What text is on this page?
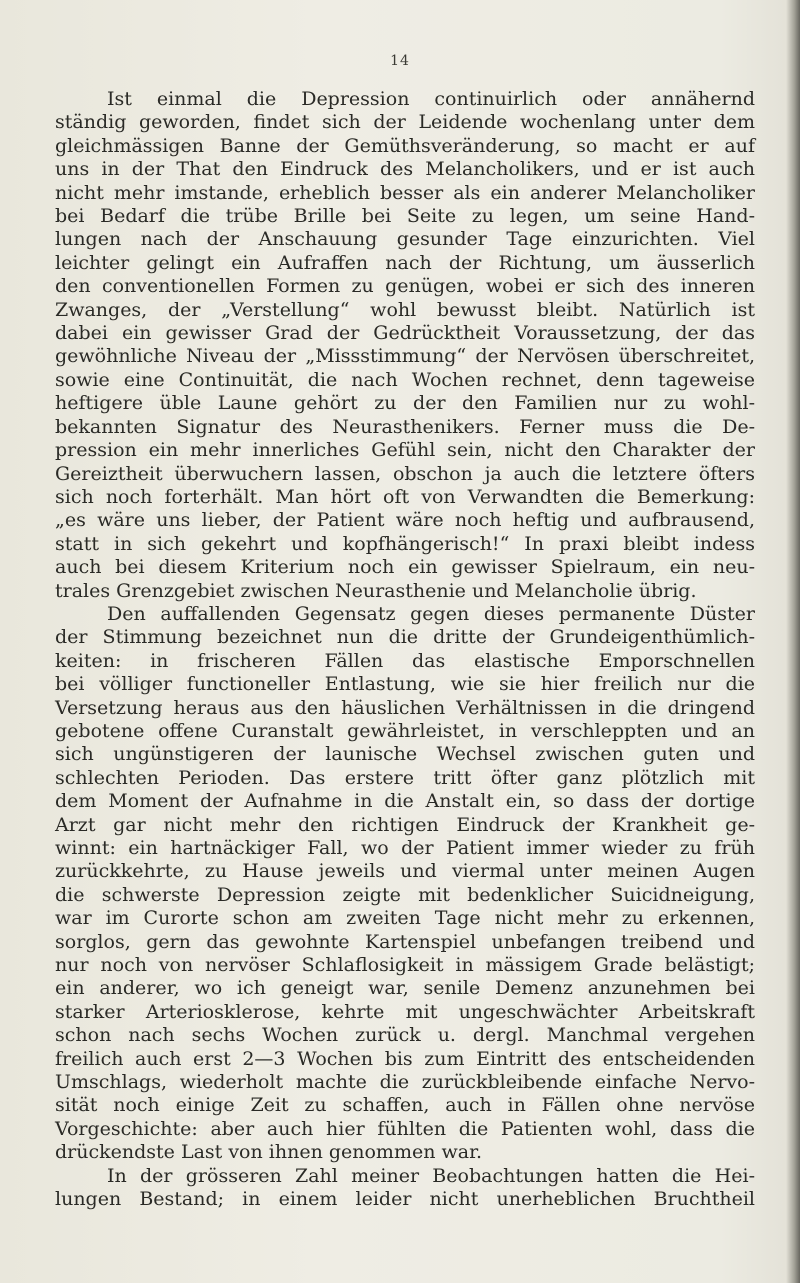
14
Ist einmal die Depression continuirlich oder annähernd
ständig geworden, findet sich der Leidende wochenlang unter dem
gleichmässigen Banne der Gemüthsveränderung, so macht er auf
uns in der That den Eindruck des Melancholikers, und er ist auch
nicht mehr imstande, erheblich besser als ein anderer Melancholiker
bei Bedarf die trübe Brille bei Seite zu legen, um seine Hand-
lungen nach der Anschauung gesunder Tage einzurichten. Viel
leichter gelingt ein Aufraffen nach der Richtung, um äusserlich
den conventionellen Formen zu genügen, wobei er sich des inneren
Zwanges, der „Verstellung“ wohl bewusst bleibt. Natürlich ist
dabei ein gewisser Grad der Gedrücktheit Voraussetzung, der das
gewöhnliche Niveau der „Missstimmung“ der Nervösen überschreitet,
sowie eine Continuität, die nach Wochen rechnet, denn tageweise
heftigere üble Laune gehört zu der den Familien nur zu wohl-
bekannten Signatur des Neurasthenikers. Ferner muss die De-
pression ein mehr innerliches Gefühl sein, nicht den Charakter der
Gereiztheit überwuchern lassen, obschon ja auch die letztere öfters
sich noch forterhält. Man hört oft von Verwandten die Bemerkung:
„es wäre uns lieber, der Patient wäre noch heftig und aufbrausend,
statt in sich gekehrt und kopfhängerisch!“ In praxi bleibt indess
auch bei diesem Kriterium noch ein gewisser Spielraum, ein neu-
trales Grenzgebiet zwischen Neurasthenie und Melancholie übrig.
Den auffallenden Gegensatz gegen dieses permanente Düster
der Stimmung bezeichnet nun die dritte der Grundeigenthümlich-
keiten: in frischeren Fällen das elastische Emporschnellen
bei völliger functioneller Entlastung, wie sie hier freilich nur die
Versetzung heraus aus den häuslichen Verhältnissen in die dringend
gebotene offene Curanstalt gewährleistet, in verschleppten und an
sich ungünstigeren der launische Wechsel zwischen guten und
schlechten Perioden. Das erstere tritt öfter ganz plötzlich mit
dem Moment der Aufnahme in die Anstalt ein, so dass der dortige
Arzt gar nicht mehr den richtigen Eindruck der Krankheit ge-
winnt: ein hartnäckiger Fall, wo der Patient immer wieder zu früh
zurückkehrte, zu Hause jeweils und viermal unter meinen Augen
die schwerste Depression zeigte mit bedenklicher Suicidneigung,
war im Curorte schon am zweiten Tage nicht mehr zu erkennen,
sorglos, gern das gewohnte Kartenspiel unbefangen treibend und
nur noch von nervöser Schlaflosigkeit in mässigem Grade belästigt;
ein anderer, wo ich geneigt war, senile Demenz anzunehmen bei
starker Arteriosklerose, kehrte mit ungeschwächter Arbeitskraft
schon nach sechs Wochen zurück u. dergl. Manchmal vergehen
freilich auch erst 2—3 Wochen bis zum Eintritt des entscheidenden
Umschlags, wiederholt machte die zurückbleibende einfache Nervo-
sität noch einige Zeit zu schaffen, auch in Fällen ohne nervöse
Vorgeschichte: aber auch hier fühlten die Patienten wohl, dass die
drückendste Last von ihnen genommen war.
In der grösseren Zahl meiner Beobachtungen hatten die Hei-
lungen Bestand; in einem leider nicht unerheblichen Bruchtheil
